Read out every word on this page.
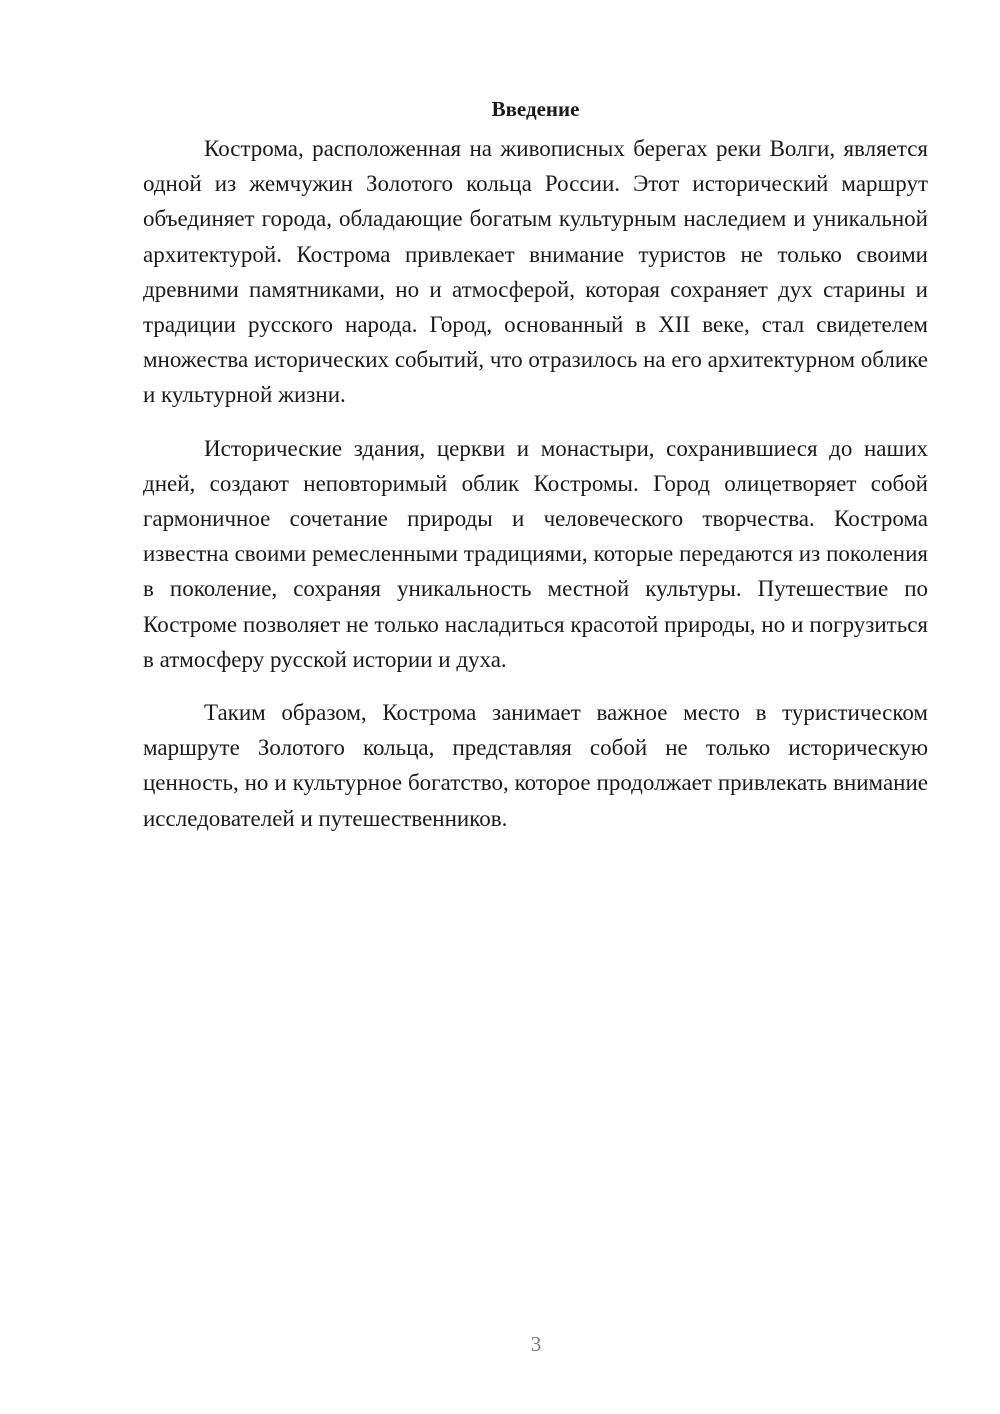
Введение

Кострома, расположенная на живописных берегах реки Волги, является одной из жемчужин Золотого кольца России. Этот исторический маршрут объединяет города, обладающие богатым культурным наследием и уникальной архитектурой. Кострома привлекает внимание туристов не только своими древними памятниками, но и атмосферой, которая сохраняет дух старины и традиции русского народа. Город, основанный в XII веке, стал свидетелем множества исторических событий, что отразилось на его архитектурном облике и культурной жизни.

Исторические здания, церкви и монастыри, сохранившиеся до наших дней, создают неповторимый облик Костромы. Город олицетворяет собой гармоничное сочетание природы и человеческого творчества. Кострома известна своими ремесленными традициями, которые передаются из поколения в поколение, сохраняя уникальность местной культуры. Путешествие по Костроме позволяет не только насладиться красотой природы, но и погрузиться в атмосферу русской истории и духа.

Таким образом, Кострома занимает важное место в туристическом маршруте Золотого кольца, представляя собой не только историческую ценность, но и культурное богатство, которое продолжает привлекать внимание исследователей и путешественников.

3
